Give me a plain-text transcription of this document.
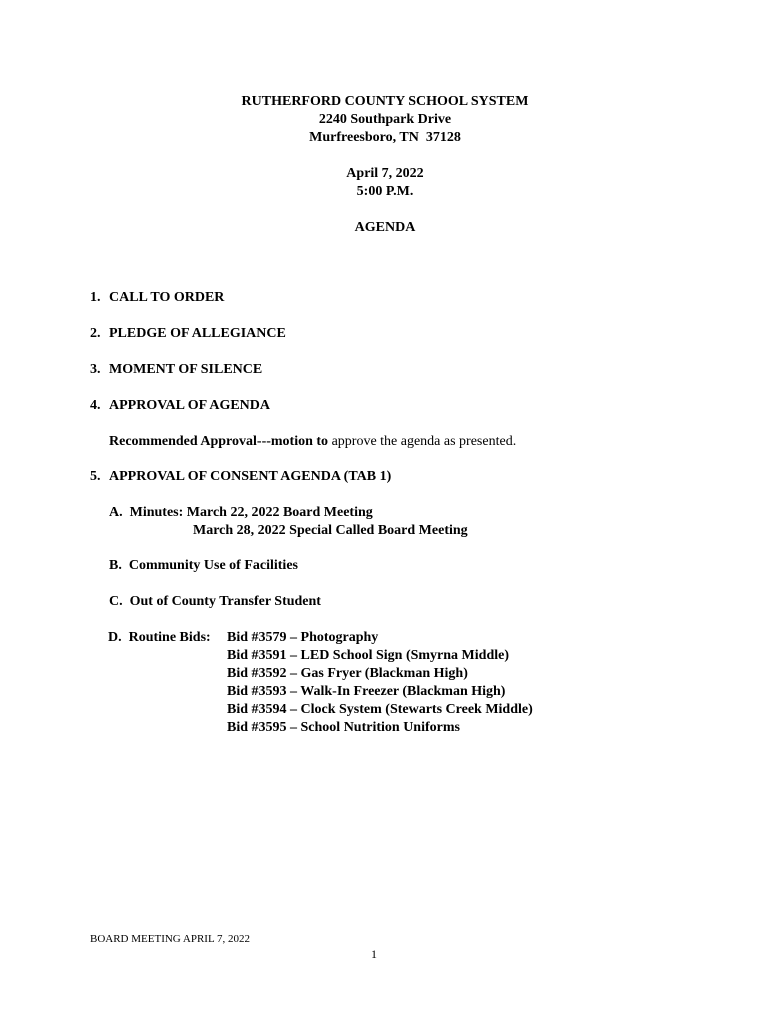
RUTHERFORD COUNTY SCHOOL SYSTEM
2240 Southpark Drive
Murfreesboro, TN  37128
April 7, 2022
5:00 P.M.
AGENDA
1. CALL TO ORDER
2. PLEDGE OF ALLEGIANCE
3. MOMENT OF SILENCE
4. APPROVAL OF AGENDA
Recommended Approval---motion to approve the agenda as presented.
5. APPROVAL OF CONSENT AGENDA (TAB 1)
A.  Minutes: March 22, 2022 Board Meeting
March 28, 2022 Special Called Board Meeting
B.  Community Use of Facilities
C.  Out of County Transfer Student
D.  Routine Bids: Bid #3579 – Photography
Bid #3591 – LED School Sign (Smyrna Middle)
Bid #3592 – Gas Fryer (Blackman High)
Bid #3593 – Walk-In Freezer (Blackman High)
Bid #3594 – Clock System (Stewarts Creek Middle)
Bid #3595 – School Nutrition Uniforms
BOARD MEETING APRIL 7, 2022
1
